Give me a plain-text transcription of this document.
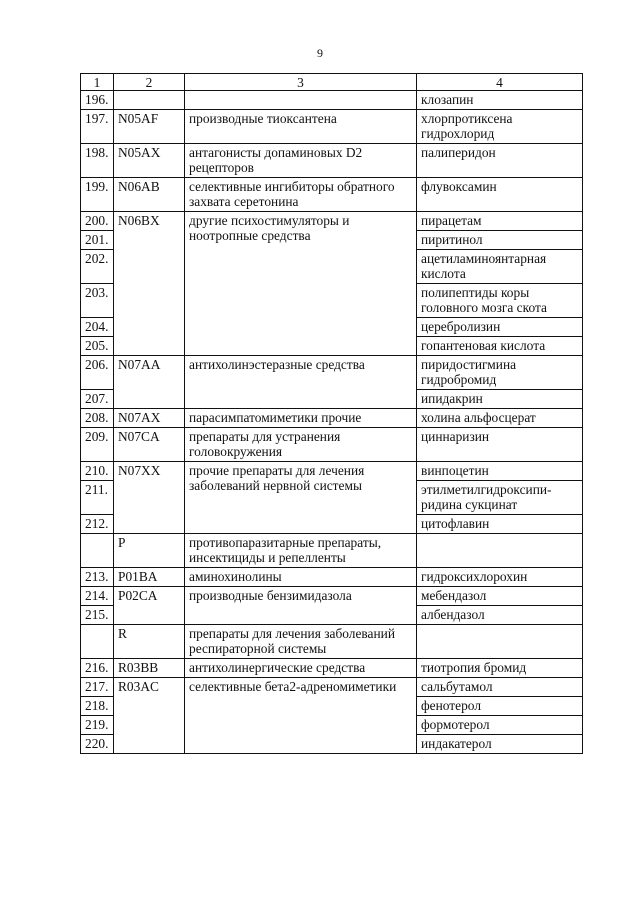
9
1	2	3	4
196.			клозапин
197.	N05AF	производные тиоксантена	хлорпротиксена гидрохлорид
198.	N05AX	антагонисты допаминовых D2 рецепторов	палиперидон
199.	N06AB	селективные ингибиторы обратного захвата серетонина	флувоксамин
200.	N06BX	другие психостимуляторы и ноотропные средства	пирацетам
201.			пиритинол
202.			ацетиламиноянтарная кислота
203.			полипептиды коры головного мозга скота
204.			церебролизин
205.			гопантеновая кислота
206.	N07AA	антихолинэстеразные средства	пиридостигмина гидробромид
207.			ипидакрин
208.	N07AX	парасимпатомиметики прочие	холина альфосцерат
209.	N07CA	препараты для устранения головокружения	циннаризин
210.	N07XX	прочие препараты для лечения заболеваний нервной системы	винпоцетин
211.			этилметилгидроксипи-ридина сукцинат
212.			цитофлавин
	P	противопаразитарные препараты, инсектициды и репелленты	
213.	P01BA	аминохинолины	гидроксихлорохин
214.	P02CA	производные бензимидазола	мебендазол
215.			албендазол
	R	препараты для лечения заболеваний респираторной системы	
216.	R03BB	антихолинергические средства	тиотропия бромид
217.	R03AC	селективные бета2-адреномиметики	сальбутамол
218.			фенотерол
219.			формотерол
220.			индакатерол
